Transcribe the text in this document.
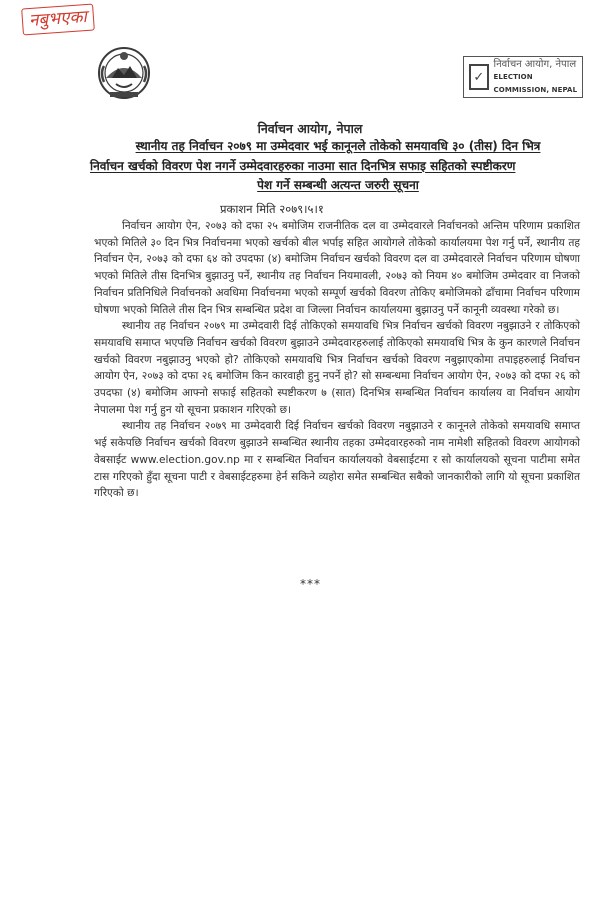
नबुभएका
✓
निर्वाचन आयोग, नेपाल
ELECTION COMMISSION, NEPAL
निर्वाचन आयोग, नेपाल
स्थानीय तह निर्वाचन २०७९ मा उम्मेदवार भई कानूनले तोकेको समयावधि ३० (तीस) दिन भित्र
निर्वाचन खर्चको विवरण पेश नगर्ने उम्मेदवारहरुका नाउमा सात दिनभित्र सफाइ सहितको स्पष्टीकरण
पेश गर्ने सम्बन्धी अत्यन्त जरुरी सूचना
प्रकाशन मिति २०७९।५।१

निर्वाचन आयोग ऐन, २०७३ को दफा २५ बमोजिम राजनीतिक दल वा उम्मेदवारले निर्वाचनको अन्तिम परिणाम प्रकाशित भएको मितिले ३० दिन भित्र निर्वाचनमा भएको खर्चको बील भर्पाइ सहित आयोगले तोकेको कार्यालयमा पेश गर्नु पर्ने, स्थानीय तह निर्वाचन ऐन, २०७३ को दफा ६४ को उपदफा (४) बमोजिम निर्वाचन खर्चको विवरण दल वा उम्मेदवारले निर्वाचन परिणाम घोषणा भएको मितिले तीस दिनभित्र बुझाउनु पर्ने, स्थानीय तह निर्वाचन नियमावली, २०७३ को नियम ४० बमोजिम उम्मेदवार वा निजको निर्वाचन प्रतिनिधिले निर्वाचनको अवधिमा निर्वाचनमा भएको सम्पूर्ण खर्चको विवरण तोकिए बमोजिमको ढाँचामा निर्वाचन परिणाम घोषणा भएको मितिले तीस दिन भित्र सम्बन्धित प्रदेश वा जिल्ला निर्वाचन कार्यालयमा बुझाउनु पर्ने कानूनी व्यवस्था गरेको छ।

स्थानीय तह निर्वाचन २०७९ मा उम्मेदवारी दिई तोकिएको समयावधि भित्र निर्वाचन खर्चको विवरण नबुझाउने र तोकिएको समयावधि समाप्त भएपछि निर्वाचन खर्चको विवरण बुझाउने उम्मेदवारहरुलाई तोकिएको समयावधि भित्र के कुन कारणले निर्वाचन खर्चको विवरण नबुझाउनु भएको हो? तोकिएको समयावधि भित्र निर्वाचन खर्चको विवरण नबुझाएकोमा तपाइहरुलाई निर्वाचन आयोग ऐन, २०७३ को दफा २६ बमोजिम किन कारवाही हुनु नपर्ने हो? सो सम्बन्धमा निर्वाचन आयोग ऐन, २०७३ को दफा २६ को उपदफा (४) बमोजिम आफ्नो सफाई सहितको स्पष्टीकरण ७ (सात) दिनभित्र सम्बन्धित निर्वाचन कार्यालय वा निर्वाचन आयोग नेपालमा पेश गर्नु हुन यो सूचना प्रकाशन गरिएको छ।

स्थानीय तह निर्वाचन २०७९ मा उम्मेदवारी दिई निर्वाचन खर्चको विवरण नबुझाउने र कानूनले तोकेको समयावधि समाप्त भई सकेपछि निर्वाचन खर्चको विवरण बुझाउने सम्बन्धित स्थानीय तहका उम्मेदवारहरुको नाम नामेशी सहितको विवरण आयोगको वेबसाईट www.election.gov.np मा र सम्बन्धित निर्वाचन कार्यालयको वेबसाईटमा र सो कार्यालयको सूचना पाटीमा समेत टास गरिएको हुँदा सूचना पाटी र वेबसाईटहरुमा हेर्न सकिने व्यहोरा समेत सम्बन्धित सबैको जानकारीको लागि यो सूचना प्रकाशित गरिएको छ।

***
